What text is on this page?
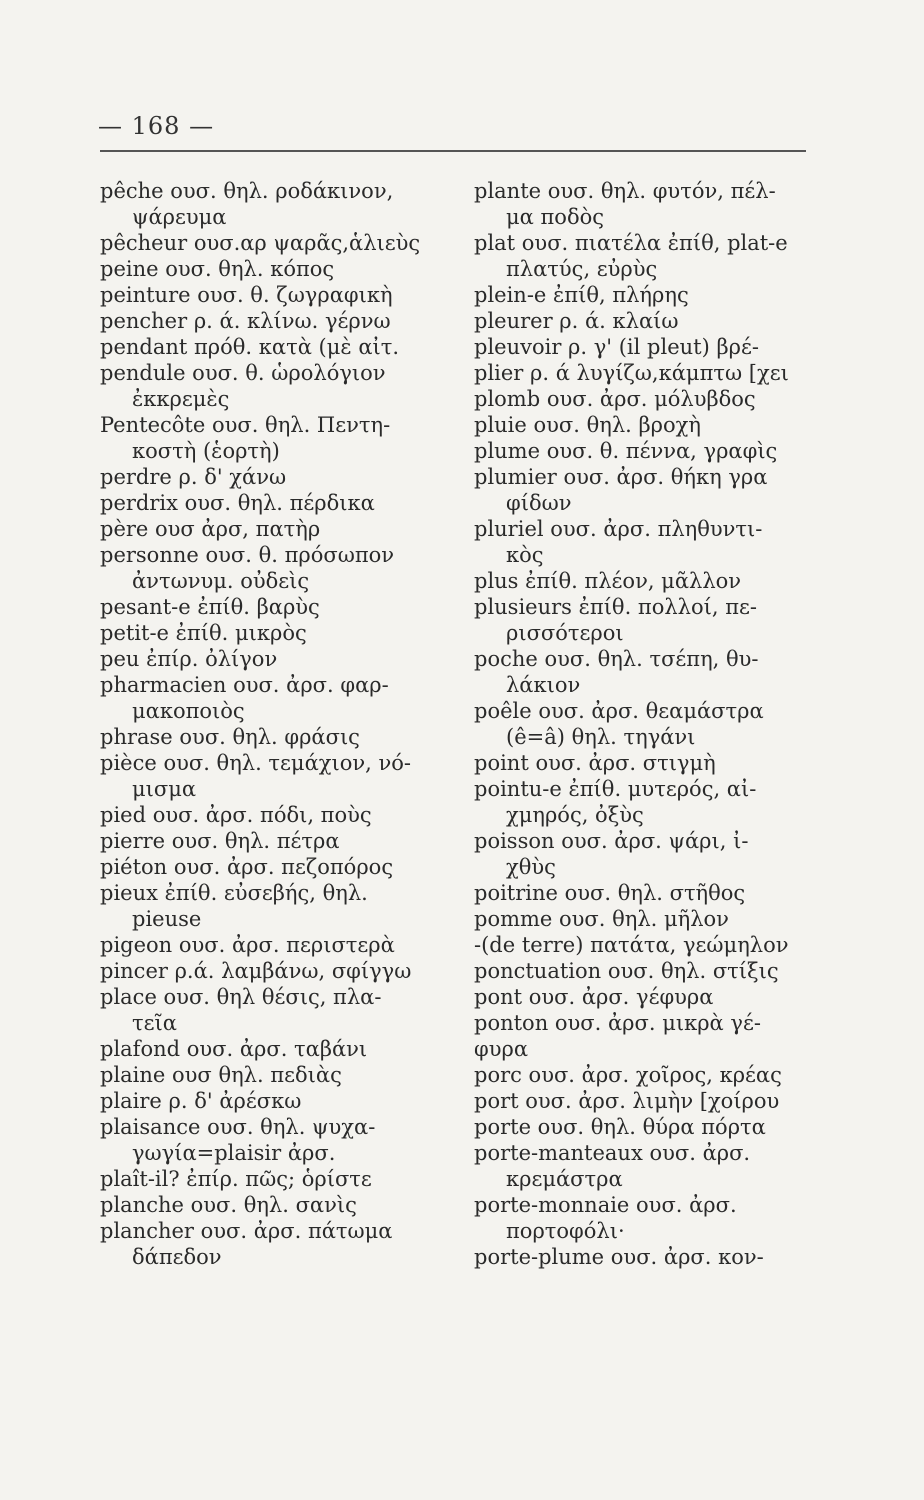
— 168 —
pêche ουσ. θηλ. ροδάκινον,
ψάρευμα
pêcheur ουσ.αρ ψαρᾶς,ἁλιεὺς
peine ουσ. θηλ. κόπος
peinture ουσ. θ. ζωγραφικὴ
pencher ρ. ά. κλίνω. γέρνω
pendant πρόθ. κατὰ (μὲ αἰτ.
pendule ουσ. θ. ὡρολόγιον
ἐκκρεμὲς
Pentecôte ουσ. θηλ. Πεντη-
κοστὴ (ἑορτὴ)
perdre ρ. δ' χάνω
perdrix ουσ. θηλ. πέρδικα
père ουσ ἀρσ, πατὴρ
personne ουσ. θ. πρόσωπον
ἀντωνυμ. οὐδεὶς
pesant-e ἐπίθ. βαρὺς
petit-e ἐπίθ. μικρὸς
peu ἐπίρ. ὀλίγον
pharmacien ουσ. ἀρσ. φαρ-
μακοποιὸς
phrase ουσ. θηλ. φράσις
pièce ουσ. θηλ. τεμάχιον, νό-
μισμα
pied ουσ. ἀρσ. πόδι, ποὺς
pierre ουσ. θηλ. πέτρα
piéton ουσ. ἀρσ. πεζοπόρος
pieux ἐπίθ. εὐσεβής, θηλ.
pieuse
pigeon ουσ. ἀρσ. περιστερὰ
pincer ρ.ά. λαμβάνω, σφίγγω
place ουσ. θηλ θέσις, πλα-
τεῖα
plafond ουσ. ἀρσ. ταβάνι
plaine ουσ θηλ. πεδιὰς
plaire ρ. δ' ἀρέσκω
plaisance ουσ. θηλ. ψυχα-
γωγία=plaisir ἀρσ.
plaît-il? ἐπίρ. πῶς; ὁρίστε
planche ουσ. θηλ. σανὶς
plancher ουσ. ἀρσ. πάτωμα
δάπεδον
plante ουσ. θηλ. φυτόν, πέλ-
μα ποδὸς
plat ουσ. πιατέλα ἐπίθ, plat-e
πλατύς, εὐρὺς
plein-e ἐπίθ, πλήρης
pleurer ρ. ά. κλαίω
pleuvoir ρ. γ' (il pleut) βρέ-
plier ρ. ά λυγίζω,κάμπτω [χει
plomb ουσ. ἀρσ. μόλυβδος
pluie ουσ. θηλ. βροχὴ
plume ουσ. θ. πέννα, γραφὶς
plumier ουσ. ἀρσ. θήκη γρα
φίδων
pluriel ουσ. ἀρσ. πληθυντι-
κὸς
plus ἐπίθ. πλέον, μᾶλλον
plusieurs ἐπίθ. πολλοί, πε-
ρισσότεροι
poche ουσ. θηλ. τσέπη, θυ-
λάκιον
poêle ουσ. ἀρσ. θεαμάστρα
(ê=â) θηλ. τηγάνι
point ουσ. ἀρσ. στιγμὴ
pointu-e ἐπίθ. μυτερός, αἰ-
χμηρός, ὀξὺς
poisson ουσ. ἀρσ. ψάρι, ἰ-
χθὺς
poitrine ουσ. θηλ. στῆθος
pomme ουσ. θηλ. μῆλον
-(de terre) πατάτα, γεώμηλον
ponctuation ουσ. θηλ. στίξις
pont ουσ. ἀρσ. γέφυρα
ponton ουσ. ἀρσ. μικρὰ γέ-
φυρα
porc ουσ. ἀρσ. χοῖρος, κρέας
port ουσ. ἀρσ. λιμὴν [χοίρου
porte ουσ. θηλ. θύρα πόρτα
porte-manteaux ουσ. ἀρσ.
κρεμάστρα
porte-monnaie ουσ. ἀρσ.
πορτοφόλι·
porte-plume ουσ. ἀρσ. κον-
